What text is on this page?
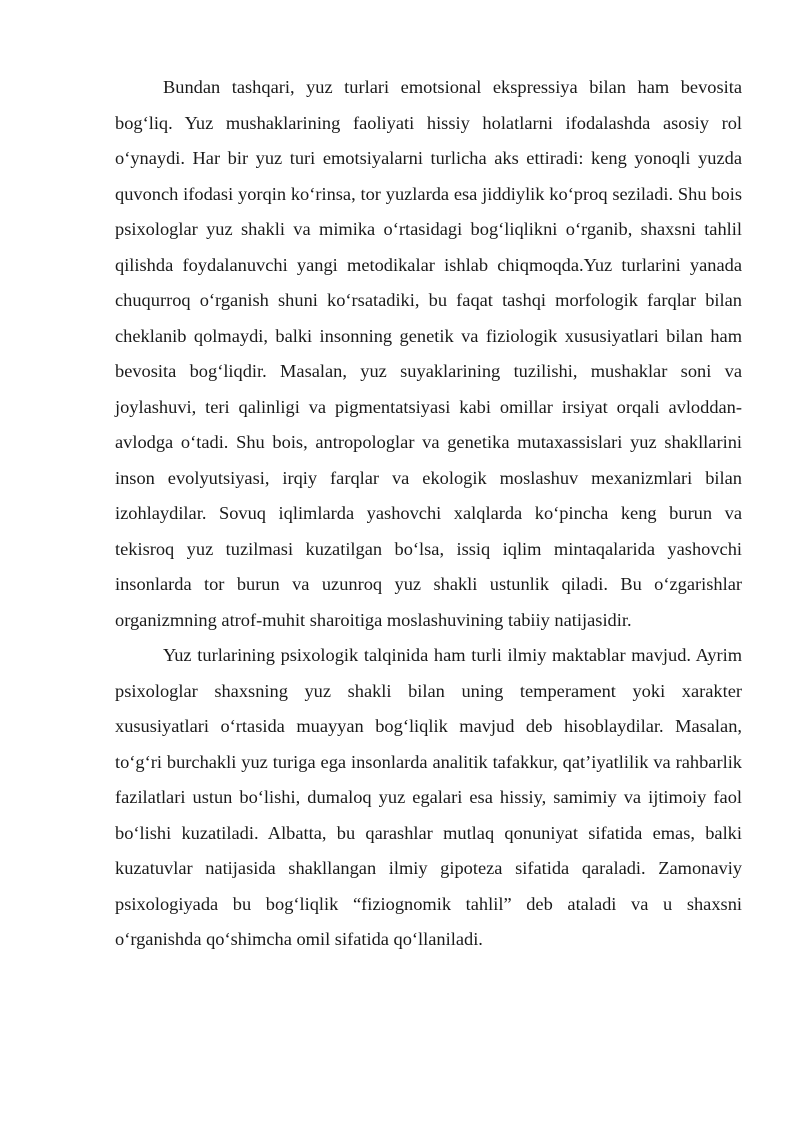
Bundan tashqari, yuz turlari emotsional ekspressiya bilan ham bevosita bog‘liq. Yuz mushaklarining faoliyati hissiy holatlarni ifodalashda asosiy rol o‘ynaydi. Har bir yuz turi emotsiyalarni turlicha aks ettiradi: keng yonoqli yuzda quvonch ifodasi yorqin ko‘rinsa, tor yuzlarda esa jiddiylik ko‘proq seziladi. Shu bois psixologlar yuz shakli va mimika o‘rtasidagi bog‘liqlikni o‘rganib, shaxsni tahlil qilishda foydalanuvchi yangi metodikalar ishlab chiqmoqda.Yuz turlarini yanada chuqurroq o‘rganish shuni ko‘rsatadiki, bu faqat tashqi morfologik farqlar bilan cheklanib qolmaydi, balki insonning genetik va fiziologik xususiyatlari bilan ham bevosita bog‘liqdir. Masalan, yuz suyaklarining tuzilishi, mushaklar soni va joylashuvi, teri qalinligi va pigmentatsiyasi kabi omillar irsiyat orqali avloddan-avlodga o‘tadi. Shu bois, antropologlar va genetika mutaxassislari yuz shakllarini inson evolyutsiyasi, irqiy farqlar va ekologik moslashuv mexanizmlari bilan izohlaydilar. Sovuq iqlimlarda yashovchi xalqlarda ko‘pincha keng burun va tekisroq yuz tuzilmasi kuzatilgan bo‘lsa, issiq iqlim mintaqalarida yashovchi insonlarda tor burun va uzunroq yuz shakli ustunlik qiladi. Bu o‘zgarishlar organizmning atrof-muhit sharoitiga moslashuvining tabiiy natijasidir.

Yuz turlarining psixologik talqinida ham turli ilmiy maktablar mavjud. Ayrim psixologlar shaxsning yuz shakli bilan uning temperament yoki xarakter xususiyatlari o‘rtasida muayyan bog‘liqlik mavjud deb hisoblaydilar. Masalan, to‘g‘ri burchakli yuz turiga ega insonlarda analitik tafakkur, qat’iyatlilik va rahbarlik fazilatlari ustun bo‘lishi, dumaloq yuz egalari esa hissiy, samimiy va ijtimoiy faol bo‘lishi kuzatiladi. Albatta, bu qarashlar mutlaq qonuniyat sifatida emas, balki kuzatuvlar natijasida shakllangan ilmiy gipoteza sifatida qaraladi. Zamonaviy psixologiyada bu bog‘liqlik “fiziognomik tahlil” deb ataladi va u shaxsni o‘rganishda qo‘shimcha omil sifatida qo‘llaniladi.
